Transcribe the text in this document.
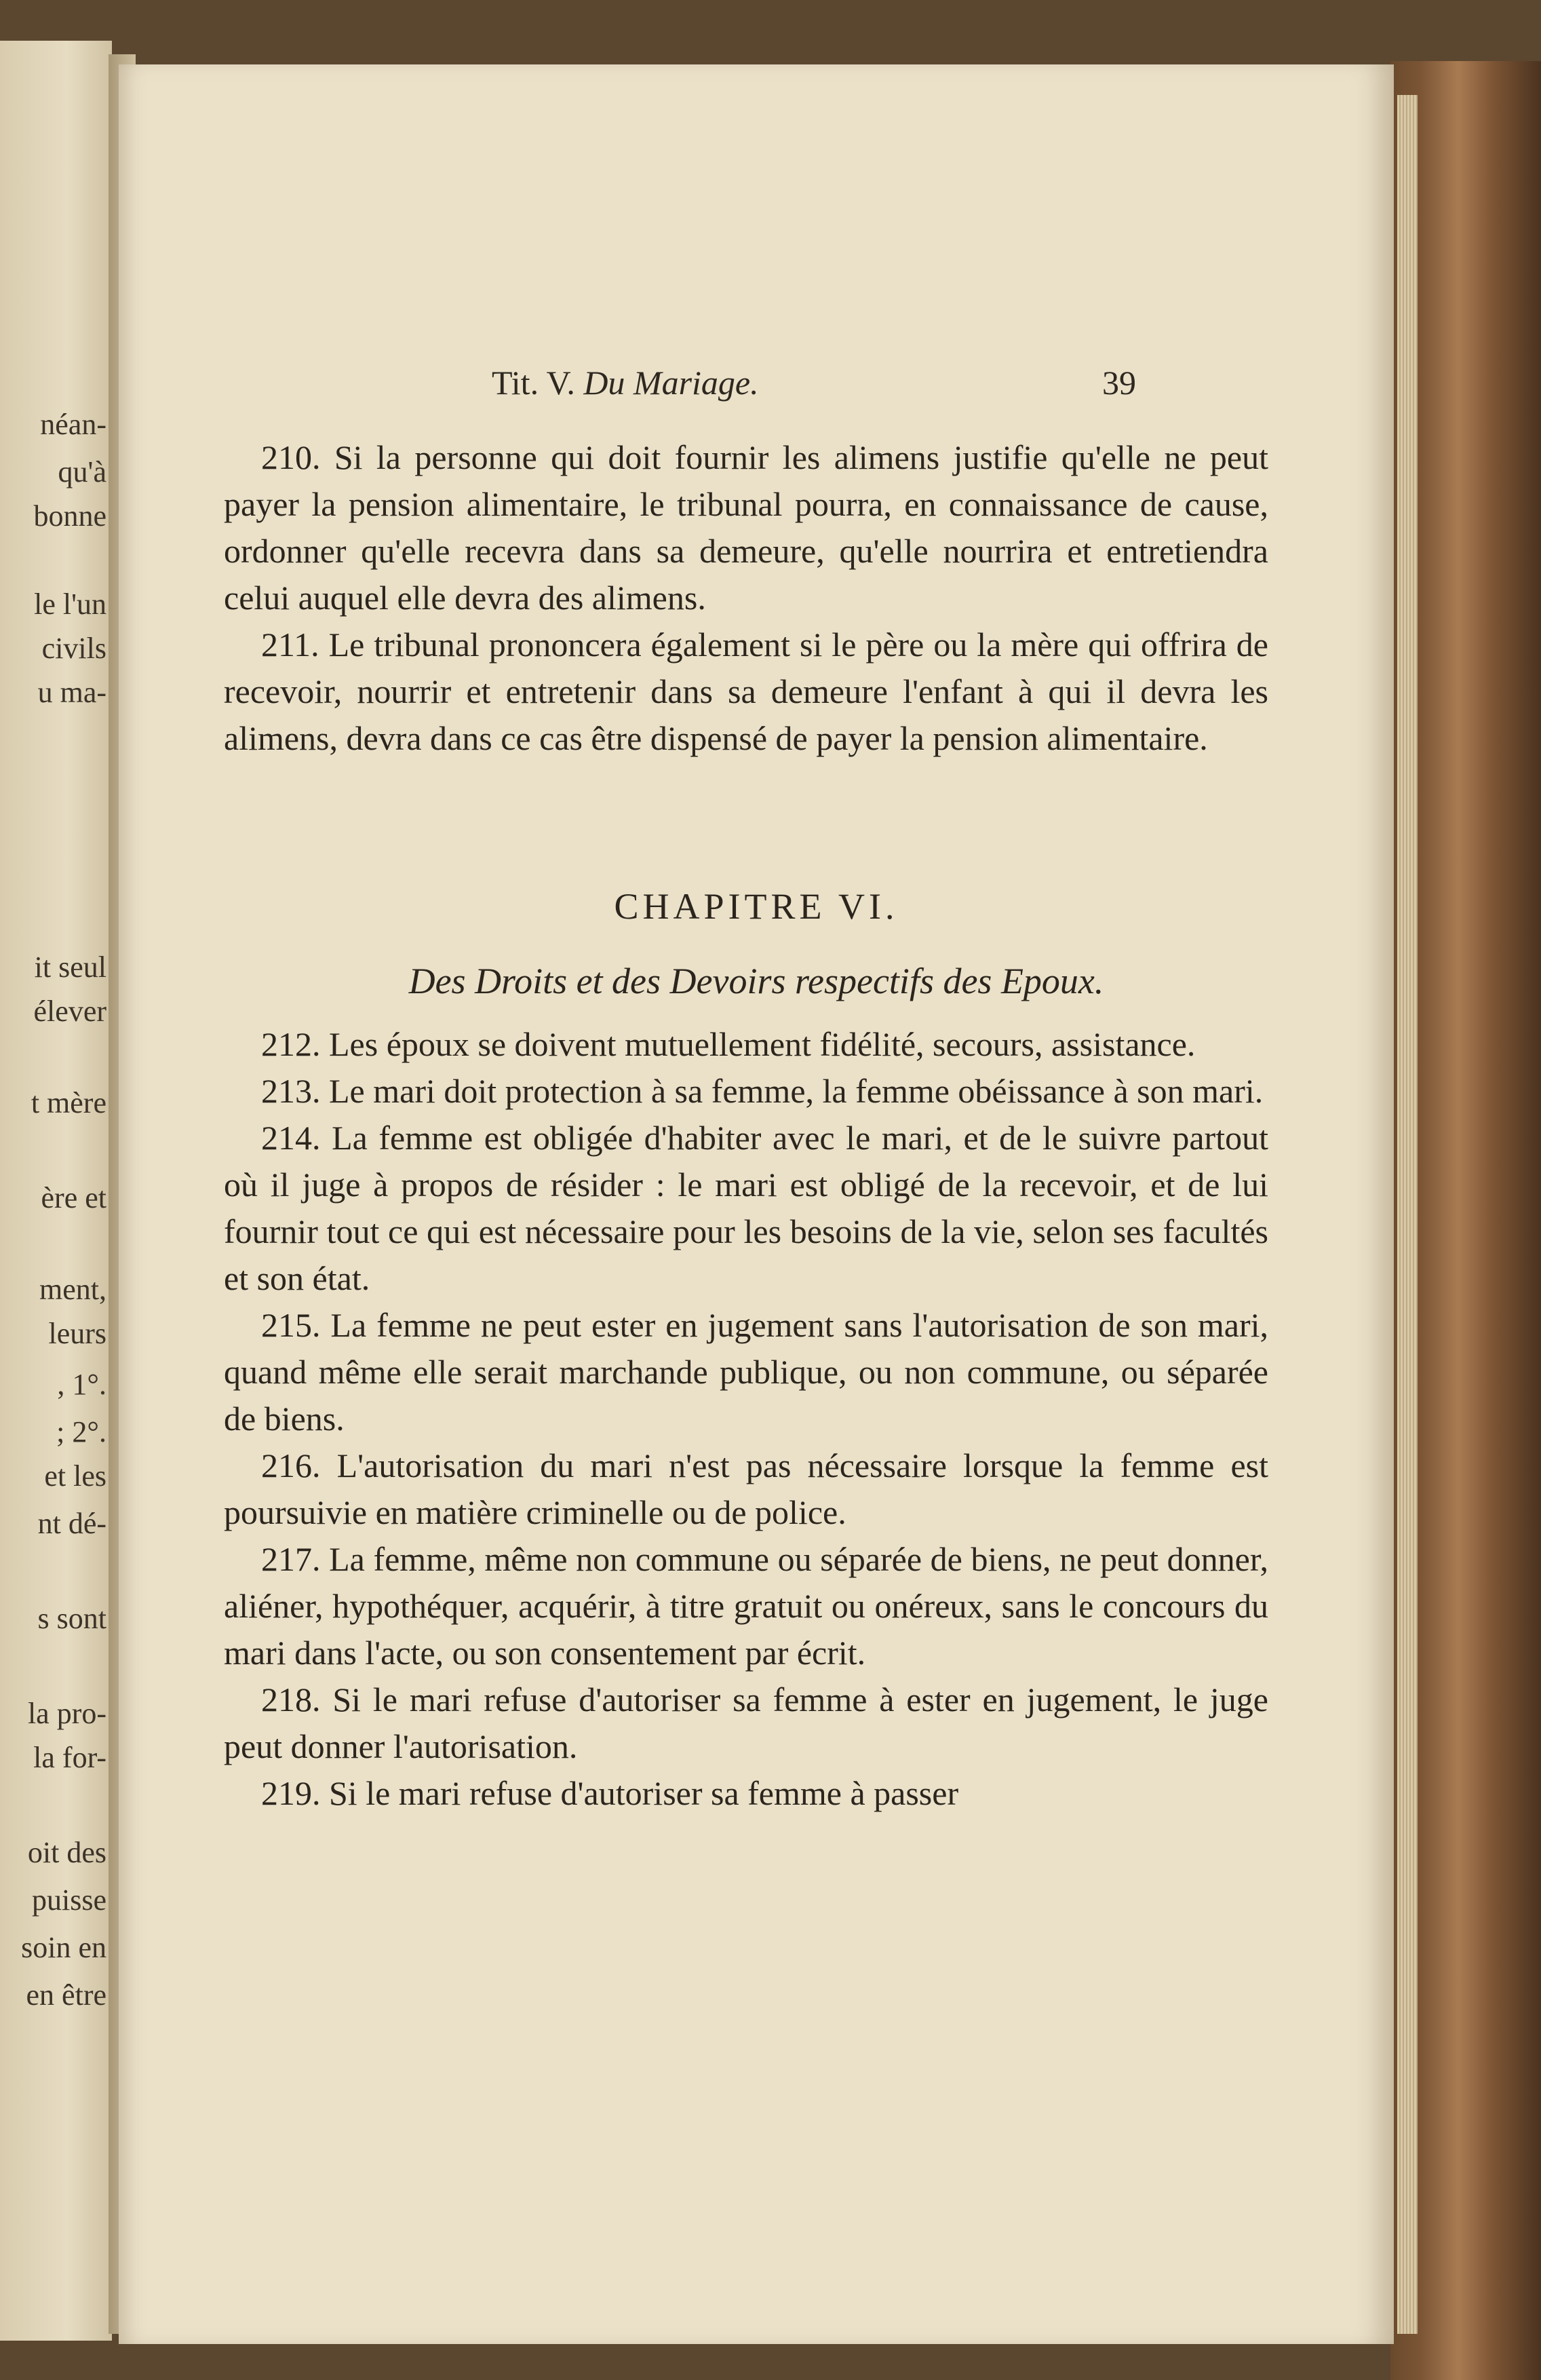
néan-
qu'à
bonne
le l'un
civils
u ma-
it seul
élever
t mère
ère et
ment,
leurs
, 1°.
; 2°.
et les
nt dé-
s sont
la pro-
la for-
oit des
puisse
soin en
en être
Tit. V. Du Mariage.	39

210. Si la personne qui doit fournir les alimens justifie qu'elle ne peut payer la pension alimentaire, le tribunal pourra, en connaissance de cause, ordonner qu'elle recevra dans sa demeure, qu'elle nourrira et entretiendra celui auquel elle devra des alimens.

211. Le tribunal prononcera également si le père ou la mère qui offrira de recevoir, nourrir et entretenir dans sa demeure l'enfant à qui il devra les alimens, devra dans ce cas être dispensé de payer la pension alimentaire.

CHAPITRE VI.
Des Droits et des Devoirs respectifs des Epoux.

212. Les époux se doivent mutuellement fidélité, secours, assistance.

213. Le mari doit protection à sa femme, la femme obéissance à son mari.

214. La femme est obligée d'habiter avec le mari, et de le suivre partout où il juge à propos de résider : le mari est obligé de la recevoir, et de lui fournir tout ce qui est nécessaire pour les besoins de la vie, selon ses facultés et son état.

215. La femme ne peut ester en jugement sans l'autorisation de son mari, quand même elle serait marchande publique, ou non commune, ou séparée de biens.

216. L'autorisation du mari n'est pas nécessaire lorsque la femme est poursuivie en matière criminelle ou de police.

217. La femme, même non commune ou séparée de biens, ne peut donner, aliéner, hypothéquer, acquérir, à titre gratuit ou onéreux, sans le concours du mari dans l'acte, ou son consentement par écrit.

218. Si le mari refuse d'autoriser sa femme à ester en jugement, le juge peut donner l'autorisation.

219. Si le mari refuse d'autoriser sa femme à passer
